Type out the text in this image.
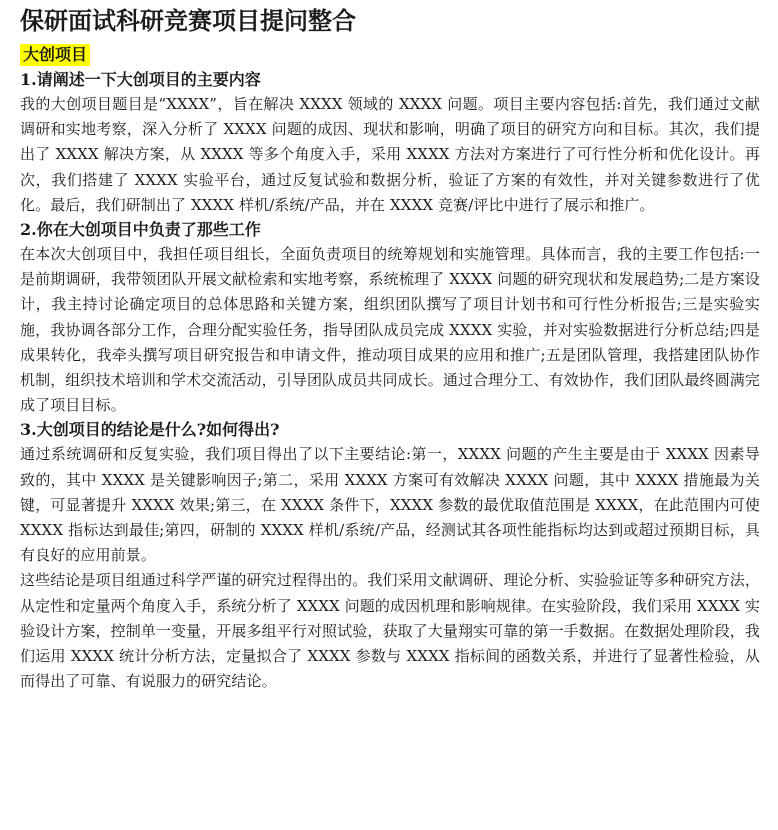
保研面试科研竞赛项目提问整合
大创项目
1.请阐述一下大创项目的主要内容

我的大创项目题目是“XXXX”，旨在解决 XXXX 领域的 XXXX 问题。项目主要内容包括:首先，我们通过文献调研和实地考察，深入分析了 XXXX 问题的成因、现状和影响，明确了项目的研究方向和目标。其次，我们提出了 XXXX 解决方案，从 XXXX 等多个角度入手，采用 XXXX 方法对方案进行了可行性分析和优化设计。再次，我们搭建了 XXXX 实验平台，通过反复试验和数据分析，验证了方案的有效性，并对关键参数进行了优化。最后，我们研制出了 XXXX 样机/系统/产品，并在 XXXX 竞赛/评比中进行了展示和推广。

2.你在大创项目中负责了那些工作

在本次大创项目中，我担任项目组长，全面负责项目的统筹规划和实施管理。具体而言，我的主要工作包括:一是前期调研，我带领团队开展文献检索和实地考察，系统梳理了 XXXX 问题的研究现状和发展趋势;二是方案设计，我主持讨论确定项目的总体思路和关键方案，组织团队撰写了项目计划书和可行性分析报告;三是实验实施，我协调各部分工作，合理分配实验任务，指导团队成员完成 XXXX 实验，并对实验数据进行分析总结;四是成果转化，我牵头撰写项目研究报告和申请文件，推动项目成果的应用和推广;五是团队管理，我搭建团队协作机制，组织技术培训和学术交流活动，引导团队成员共同成长。通过合理分工、有效协作，我们团队最终圆满完成了项目目标。

3.大创项目的结论是什么?如何得出?

通过系统调研和反复实验，我们项目得出了以下主要结论:第一，XXXX 问题的产生主要是由于 XXXX 因素导致的，其中 XXXX 是关键影响因子;第二，采用 XXXX 方案可有效解决 XXXX 问题，其中 XXXX 措施最为关键，可显著提升 XXXX 效果;第三，在 XXXX 条件下，XXXX 参数的最优取值范围是 XXXX，在此范围内可使 XXXX 指标达到最佳;第四，研制的 XXXX 样机/系统/产品，经测试其各项性能指标均达到或超过预期目标，具有良好的应用前景。

这些结论是项目组通过科学严谨的研究过程得出的。我们采用文献调研、理论分析、实验验证等多种研究方法，从定性和定量两个角度入手，系统分析了 XXXX 问题的成因机理和影响规律。在实验阶段，我们采用 XXXX 实验设计方案，控制单一变量，开展多组平行对照试验，获取了大量翔实可靠的第一手数据。在数据处理阶段，我们运用 XXXX 统计分析方法，定量拟合了 XXXX 参数与 XXXX 指标间的函数关系，并进行了显著性检验，从而得出了可靠、有说服力的研究结论。
